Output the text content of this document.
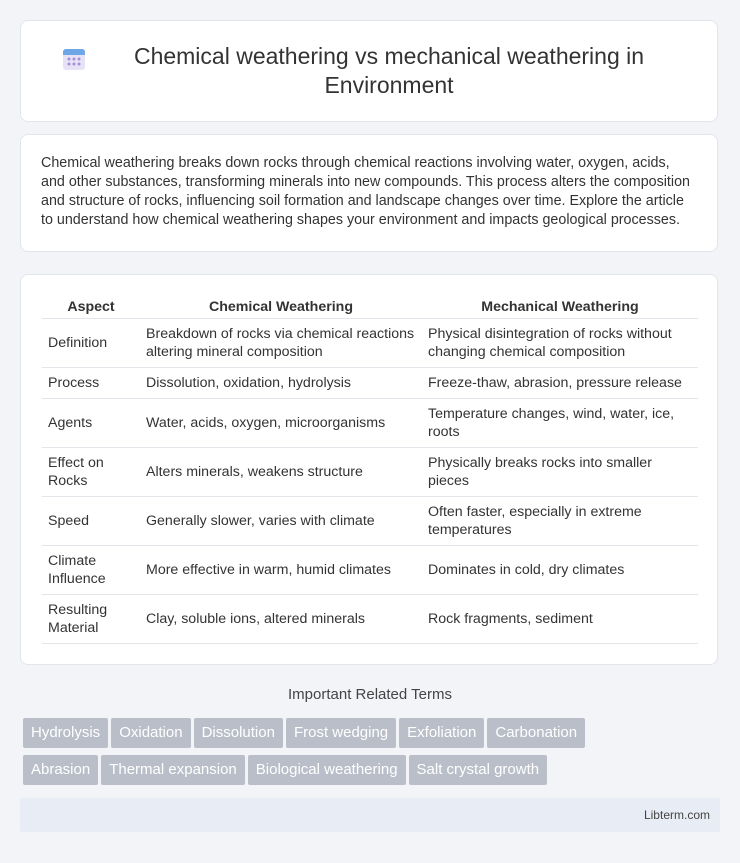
Chemical weathering vs mechanical weathering in Environment

Chemical weathering breaks down rocks through chemical reactions involving water, oxygen, acids, and other substances, transforming minerals into new compounds. This process alters the composition and structure of rocks, influencing soil formation and landscape changes over time. Explore the article to understand how chemical weathering shapes your environment and impacts geological processes.

Aspect	Chemical Weathering	Mechanical Weathering
Definition	Breakdown of rocks via chemical reactions altering mineral composition	Physical disintegration of rocks without changing chemical composition
Process	Dissolution, oxidation, hydrolysis	Freeze-thaw, abrasion, pressure release
Agents	Water, acids, oxygen, microorganisms	Temperature changes, wind, water, ice, roots
Effect on Rocks	Alters minerals, weakens structure	Physically breaks rocks into smaller pieces
Speed	Generally slower, varies with climate	Often faster, especially in extreme temperatures
Climate Influence	More effective in warm, humid climates	Dominates in cold, dry climates
Resulting Material	Clay, soluble ions, altered minerals	Rock fragments, sediment
Important Related Terms
Hydrolysis Oxidation Dissolution Frost wedging Exfoliation Carbonation
Abrasion Thermal expansion Biological weathering Salt crystal growth
Libterm.com
